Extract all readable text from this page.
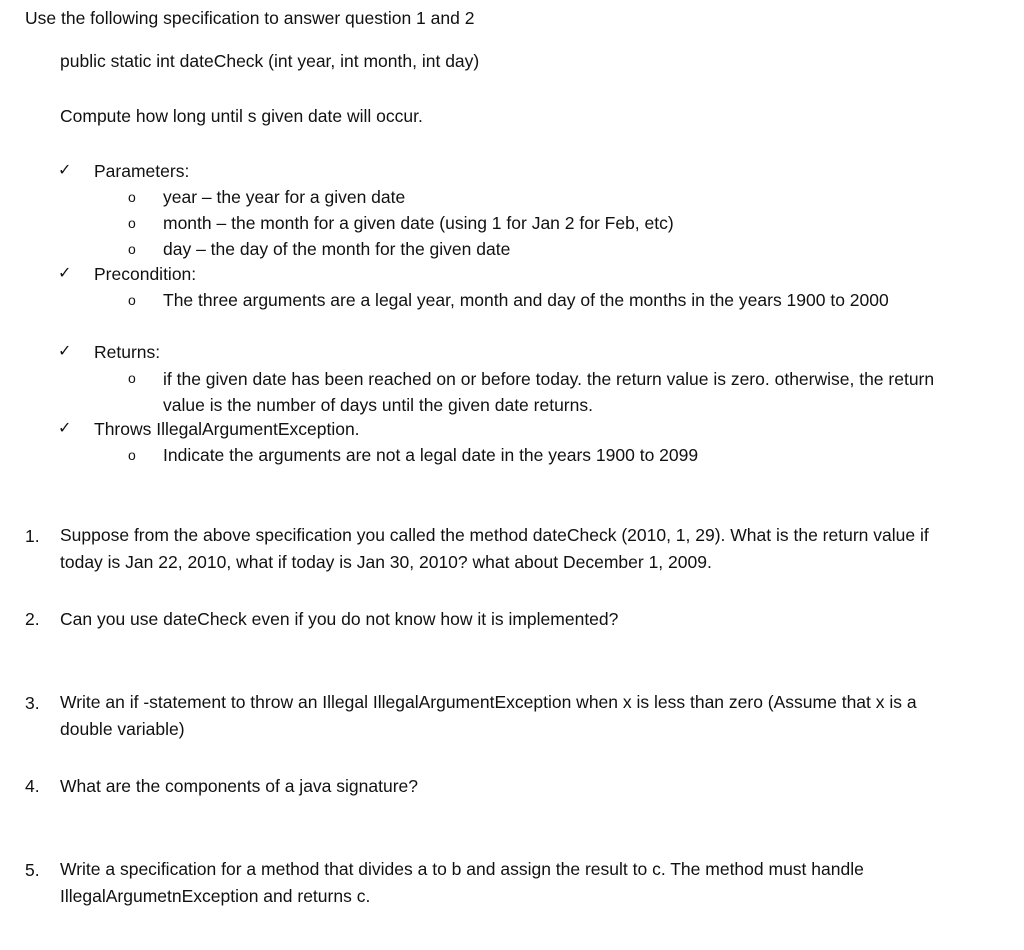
Use the following specification to answer question 1 and 2
public static int dateCheck (int year, int month, int day)
Compute how long until s given date will occur.
✓ Parameters:
o year – the year for a given date
o month – the month for a given date (using 1 for Jan 2 for Feb, etc)
o day – the day of the month for the given date
✓ Precondition:
o The three arguments are a legal year, month and day of the months in the years 1900 to 2000
✓ Returns:
o if the given date has been reached on or before today. the return value is zero. otherwise, the return value is the number of days until the given date returns.
✓ Throws IllegalArgumentException.
o Indicate the arguments are not a legal date in the years 1900 to 2099
1. Suppose from the above specification you called the method dateCheck (2010, 1, 29). What is the return value if today is Jan 22, 2010, what if today is Jan 30, 2010? what about December 1, 2009.
2. Can you use dateCheck even if you do not know how it is implemented?
3. Write an if -statement to throw an Illegal IllegalArgumentException when x is less than zero (Assume that x is a double variable)
4. What are the components of a java signature?
5. Write a specification for a method that divides a to b and assign the result to c. The method must handle IllegalArgumetnException and returns c.
